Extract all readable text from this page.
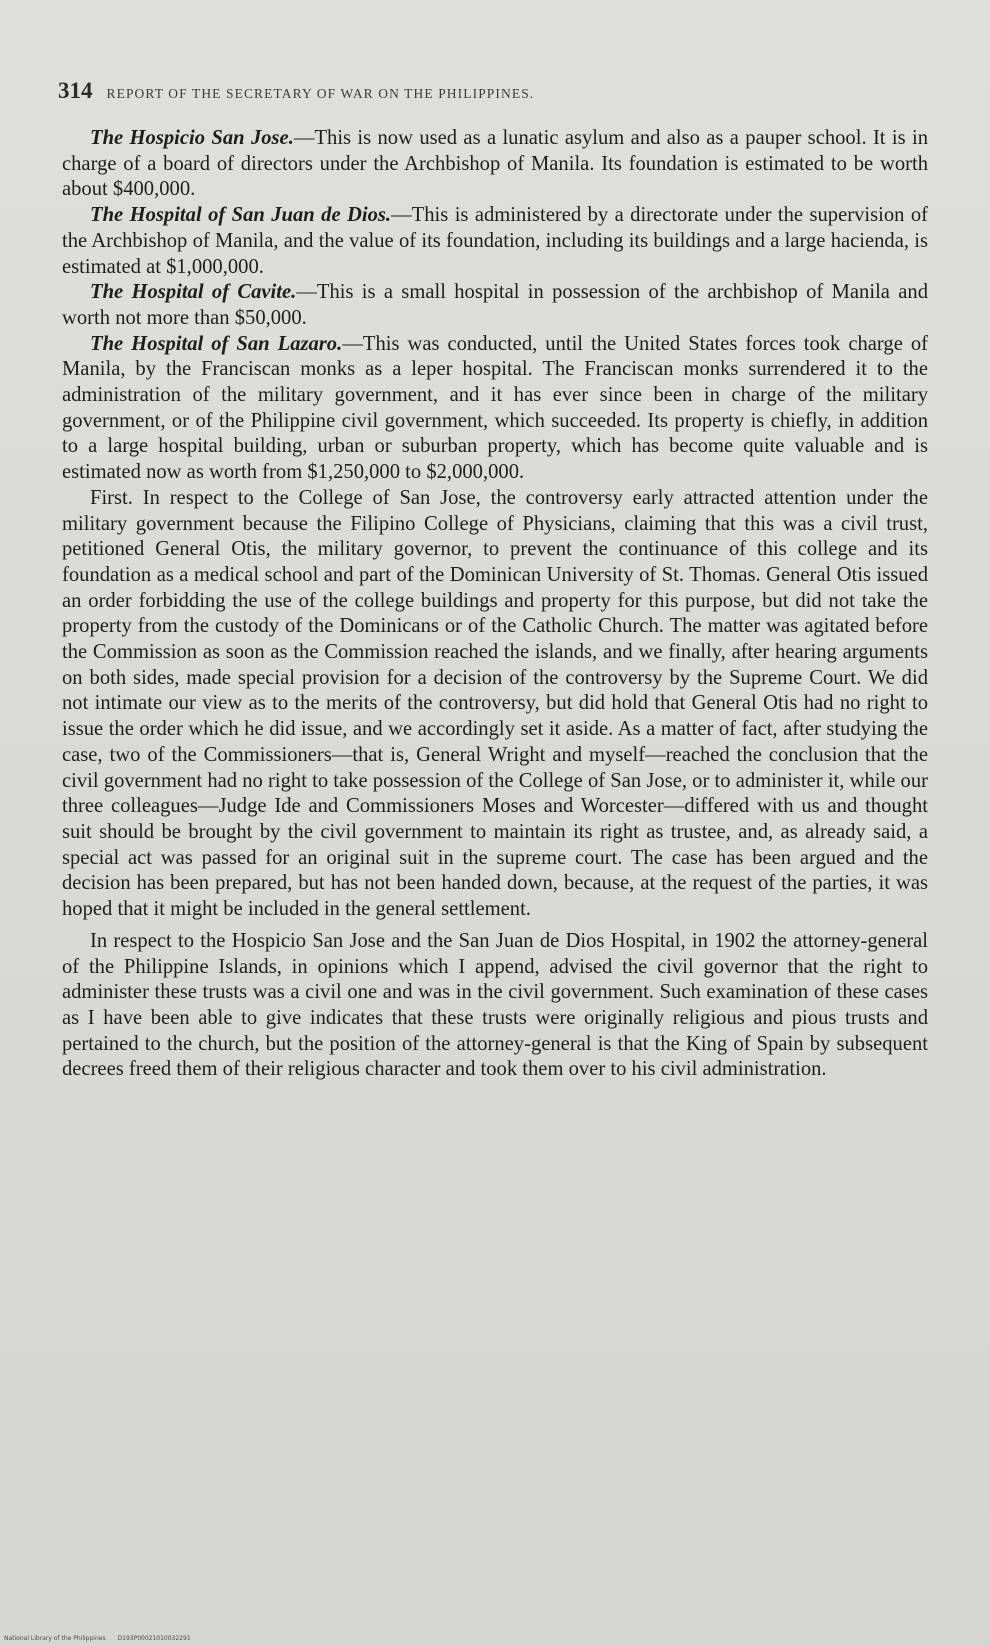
314 REPORT OF THE SECRETARY OF WAR ON THE PHILIPPINES.

The Hospicio San Jose.—This is now used as a lunatic asylum and also as a pauper school. It is in charge of a board of directors under the Archbishop of Manila. Its foundation is estimated to be worth about $400,000.

The Hospital of San Juan de Dios.—This is administered by a directorate under the supervision of the Archbishop of Manila, and the value of its foundation, including its buildings and a large hacienda, is estimated at $1,000,000.

The Hospital of Cavite.—This is a small hospital in possession of the archbishop of Manila and worth not more than $50,000.

The Hospital of San Lazaro.—This was conducted, until the United States forces took charge of Manila, by the Franciscan monks as a leper hospital. The Franciscan monks surrendered it to the administration of the military government, and it has ever since been in charge of the military government, or of the Philippine civil government, which succeeded. Its property is chiefly, in addition to a large hospital building, urban or suburban property, which has become quite valuable and is estimated now as worth from $1,250,000 to $2,000,000.

First. In respect to the College of San Jose, the controversy early attracted attention under the military government because the Filipino College of Physicians, claiming that this was a civil trust, petitioned General Otis, the military governor, to prevent the continuance of this college and its foundation as a medical school and part of the Dominican University of St. Thomas. General Otis issued an order forbidding the use of the college buildings and property for this purpose, but did not take the property from the custody of the Dominicans or of the Catholic Church. The matter was agitated before the Commission as soon as the Commission reached the islands, and we finally, after hearing arguments on both sides, made special provision for a decision of the controversy by the Supreme Court. We did not intimate our view as to the merits of the controversy, but did hold that General Otis had no right to issue the order which he did issue, and we accordingly set it aside. As a matter of fact, after studying the case, two of the Commissioners—that is, General Wright and myself—reached the conclusion that the civil government had no right to take possession of the College of San Jose, or to administer it, while our three colleagues—Judge Ide and Commissioners Moses and Worcester—differed with us and thought suit should be brought by the civil government to maintain its right as trustee, and, as already said, a special act was passed for an original suit in the supreme court. The case has been argued and the decision has been prepared, but has not been handed down, because, at the request of the parties, it was hoped that it might be included in the general settlement.

In respect to the Hospicio San Jose and the San Juan de Dios Hospital, in 1902 the attorney-general of the Philippine Islands, in opinions which I append, advised the civil governor that the right to administer these trusts was a civil one and was in the civil government. Such examination of these cases as I have been able to give indicates that these trusts were originally religious and pious trusts and pertained to the church, but the position of the attorney-general is that the King of Spain by subsequent decrees freed them of their religious character and took them over to his civil administration.

National Library of the Philippines D193P00021010032291
